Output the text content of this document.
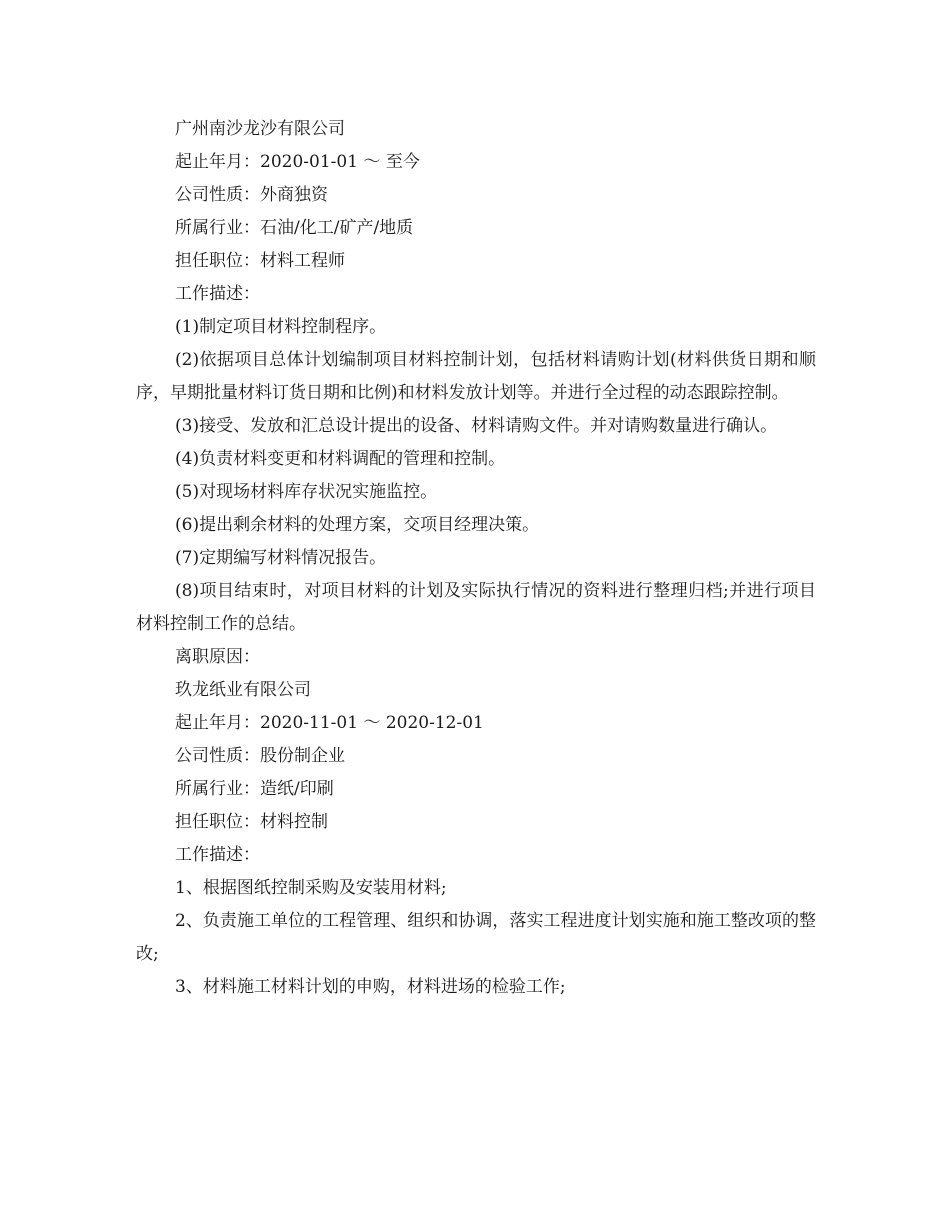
广州南沙龙沙有限公司

起止年月：2020-01-01 ～ 至今

公司性质：外商独资

所属行业：石油/化工/矿产/地质

担任职位：材料工程师

工作描述：

(1)制定项目材料控制程序。

(2)依据项目总体计划编制项目材料控制计划，包括材料请购计划(材料供货日期和顺序，早期批量材料订货日期和比例)和材料发放计划等。并进行全过程的动态跟踪控制。

(3)接受、发放和汇总设计提出的设备、材料请购文件。并对请购数量进行确认。

(4)负责材料变更和材料调配的管理和控制。

(5)对现场材料库存状况实施监控。

(6)提出剩余材料的处理方案，交项目经理决策。

(7)定期编写材料情况报告。

(8)项目结束时，对项目材料的计划及实际执行情况的资料进行整理归档;并进行项目材料控制工作的总结。

离职原因：

玖龙纸业有限公司

起止年月：2020-11-01 ～ 2020-12-01

公司性质：股份制企业

所属行业：造纸/印刷

担任职位：材料控制

工作描述：

1、根据图纸控制采购及安装用材料;

2、负责施工单位的工程管理、组织和协调，落实工程进度计划实施和施工整改项的整改;

3、材料施工材料计划的申购，材料进场的检验工作;
